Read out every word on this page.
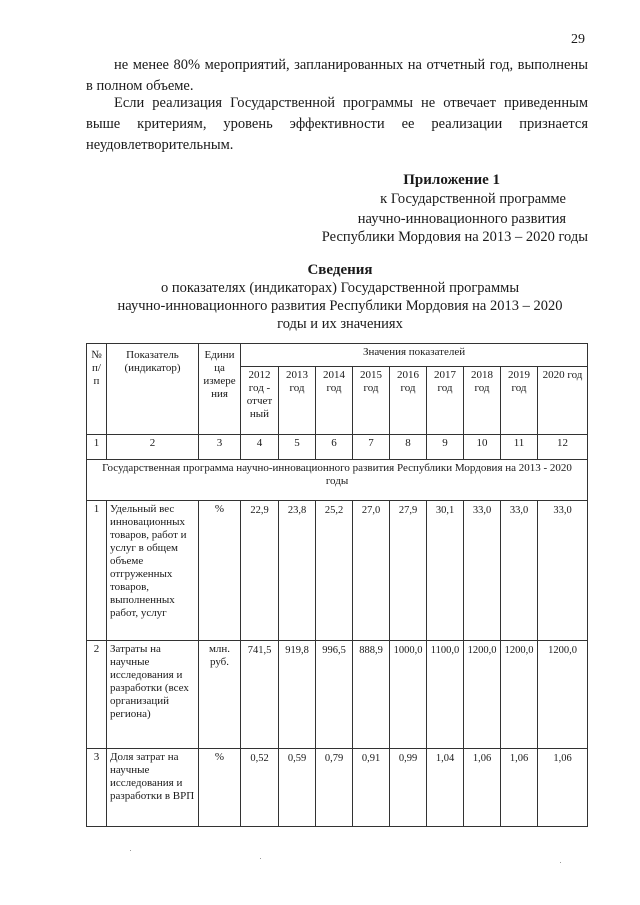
29
не менее 80% мероприятий, запланированных на отчетный год, выполнены в полном объеме.
Если реализация Государственной программы не отвечает приведенным выше критериям, уровень эффективности ее реализации признается неудовлетворительным.
Приложение 1
к Государственной программе
научно-инновационного развития
Республики Мордовия на 2013 – 2020 годы
Сведения
о показателях (индикаторах) Государственной программы
научно-инновационного развития Республики Мордовия на 2013 – 2020
годы и их значениях
№ п/п	Показатель (индикатор)	Едини ца измере ния	Значения показателей								
			2012 год - отчет ный	2013 год	2014 год	2015 год	2016 год	2017 год	2018 год	2019 год	2020 год
1	2	3	4	5	6	7	8	9	10	11	12
Государственная программа научно-инновационного развития Республики Мордовия на 2013 - 2020 годы											
1	Удельный вес инновационных товаров, работ и услуг в общем объеме отгруженных товаров, выполненных работ, услуг	%	22,9	23,8	25,2	27,0	27,9	30,1	33,0	33,0	33,0
2	Затраты на научные исследования и разработки (всех организаций региона)	млн. руб.	741,5	919,8	996,5	888,9	1000,0	1100,0	1200,0	1200,0	1200,0
3	Доля затрат на научные исследования и разработки в ВРП	%	0,52	0,59	0,79	0,91	0,99	1,04	1,06	1,06	1,06
